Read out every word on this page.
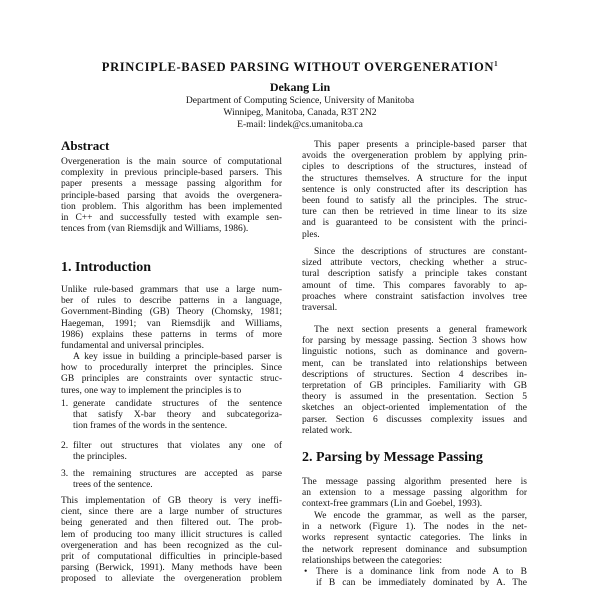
PRINCIPLE-BASED PARSING WITHOUT OVERGENERATION$^1$
Dekang Lin
Department of Computing Science, University of Manitoba
Winnipeg, Manitoba, Canada, R3T 2N2
E-mail: lindek@cs.umanitoba.ca
Abstract
Overgeneration is the main source of computational
complexity in previous principle-based parsers. This
paper presents a message passing algorithm for
principle-based parsing that avoids the overgenera-
tion problem. This algorithm has been implemented
in C++ and successfully tested with example sen-
tences from (van Riemsdijk and Williams, 1986).
1. Introduction
Unlike rule-based grammars that use a large num-
ber of rules to describe patterns in a language,
Government-Binding (GB) Theory (Chomsky, 1981;
Haegeman, 1991; van Riemsdijk and Williams,
1986) explains these patterns in terms of more
fundamental and universal principles.
A key issue in building a principle-based parser is
how to procedurally interpret the principles. Since
GB principles are constraints over syntactic struc-
tures, one way to implement the principles is to
1. generate candidate structures of the sentence
that satisfy X-bar theory and subcategoriza-
tion frames of the words in the sentence.
2. filter out structures that violates any one of
the principles.
3. the remaining structures are accepted as parse
trees of the sentence.
This implementation of GB theory is very ineffi-
cient, since there are a large number of structures
being generated and then filtered out. The prob-
lem of producing too many illicit structures is called
overgeneration and has been recognized as the cul-
prit of computational difficulties in principle-based
parsing (Berwick, 1991). Many methods have been
proposed to alleviate the overgeneration problem
This paper presents a principle-based parser that
avoids the overgeneration problem by applying prin-
ciples to descriptions of the structures, instead of
the structures themselves. A structure for the input
sentence is only constructed after its description has
been found to satisfy all the principles. The struc-
ture can then be retrieved in time linear to its size
and is guaranteed to be consistent with the princi-
ples.
Since the descriptions of structures are constant-
sized attribute vectors, checking whether a struc-
tural description satisfy a principle takes constant
amount of time. This compares favorably to ap-
proaches where constraint satisfaction involves tree
traversal.
The next section presents a general framework
for parsing by message passing. Section 3 shows how
linguistic notions, such as dominance and govern-
ment, can be translated into relationships between
descriptions of structures. Section 4 describes in-
terpretation of GB principles. Familiarity with GB
theory is assumed in the presentation. Section 5
sketches an object-oriented implementation of the
parser. Section 6 discusses complexity issues and
related work.
2. Parsing by Message Passing
The message passing algorithm presented here is
an extension to a message passing algorithm for
context-free grammars (Lin and Goebel, 1993).
We encode the grammar, as well as the parser,
in a network (Figure 1). The nodes in the net-
works represent syntactic categories. The links in
the network represent dominance and subsumption
relationships between the categories:
• There is a dominance link from node A to B
if B can be immediately dominated by A. The
